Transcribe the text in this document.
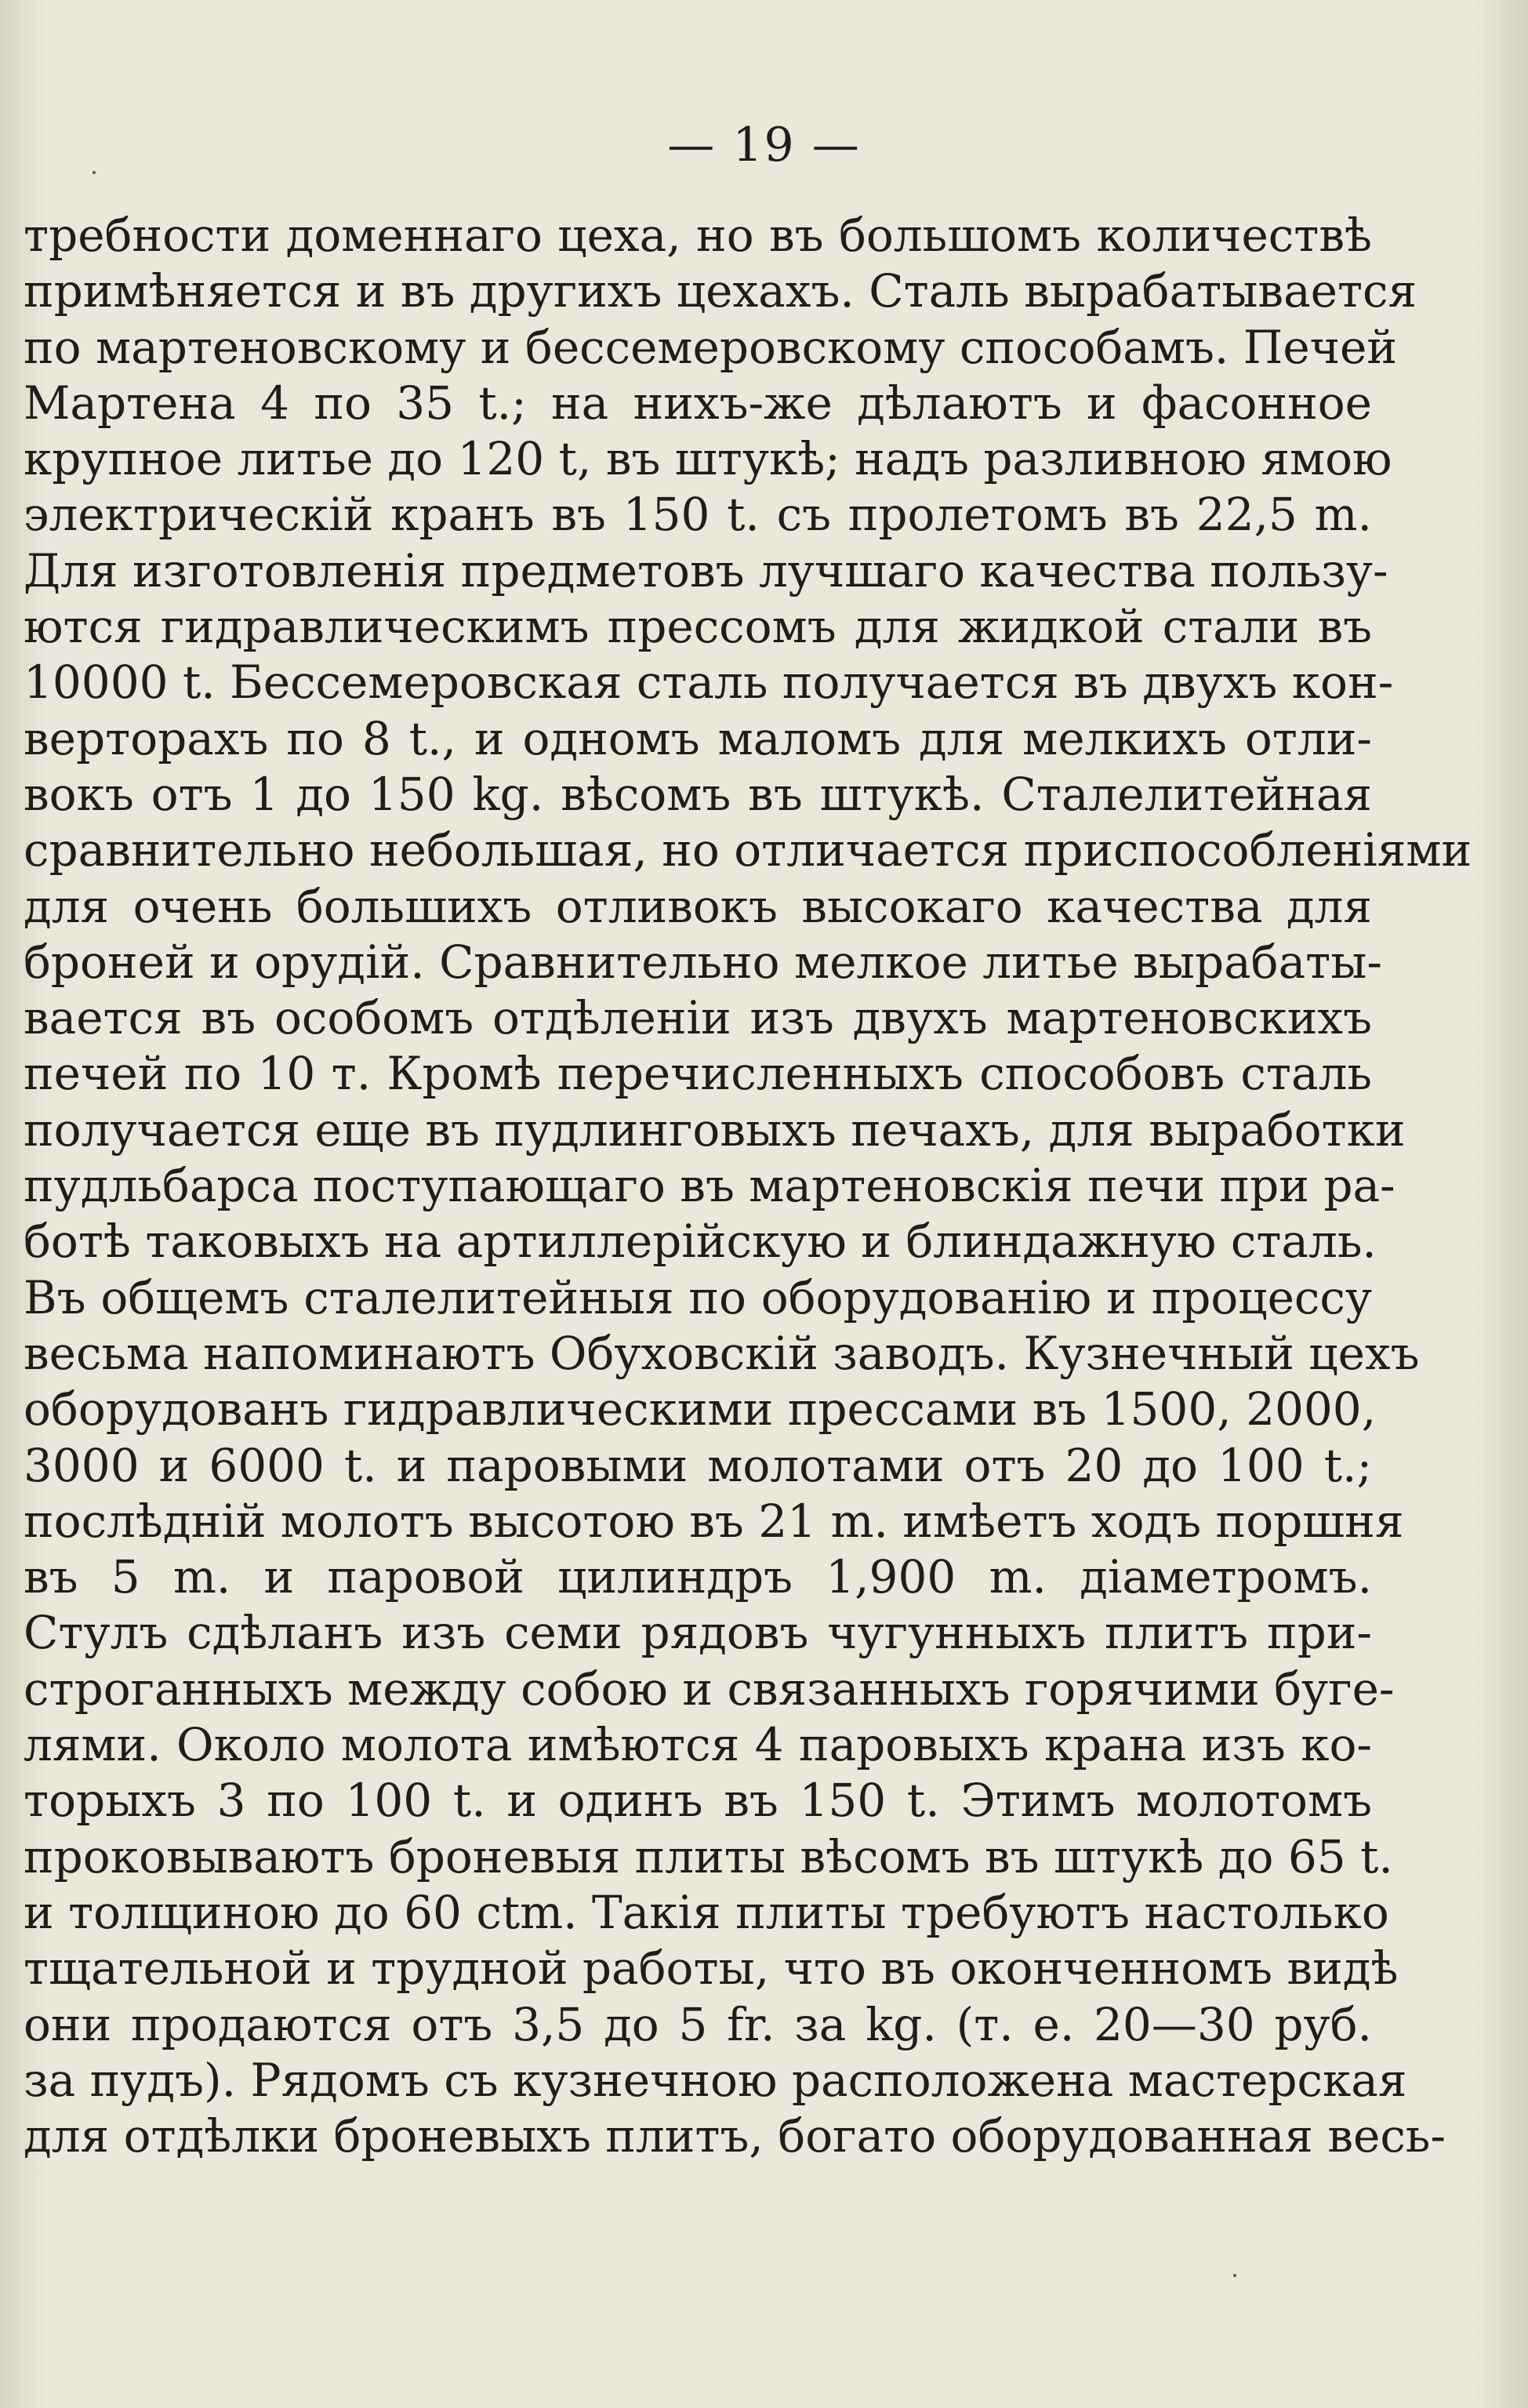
— 19 —
требности доменнаго цеха, но въ большомъ количествѣ
примѣняется и въ другихъ цехахъ. Сталь вырабатывается
по мартеновскому и бессемеровскому способамъ. Печей
Мартена 4 по 35 t.; на нихъ-же дѣлаютъ и фасонное
крупное литье до 120 t, въ штукѣ; надъ разливною ямою
электрическій кранъ въ 150 t. съ пролетомъ въ 22,5 m.
Для изготовленія предметовъ лучшаго качества пользу-
ются гидравлическимъ прессомъ для жидкой стали въ
10000 t. Бессемеровская сталь получается въ двухъ кон-
верторахъ по 8 t., и одномъ маломъ для мелкихъ отли-
вокъ отъ 1 до 150 kg. вѣсомъ въ штукѣ. Сталелитейная
сравнительно небольшая, но отличается приспособленіями
для очень большихъ отливокъ высокаго качества для
броней и орудій. Сравнительно мелкое литье вырабаты-
вается въ особомъ отдѣленіи изъ двухъ мартеновскихъ
печей по 10 т. Кромѣ перечисленныхъ способовъ сталь
получается еще въ пудлинговыхъ печахъ, для выработки
пудльбарса поступающаго въ мартеновскія печи при ра-
ботѣ таковыхъ на артиллерійскую и блиндажную сталь.
Въ общемъ сталелитейныя по оборудованію и процессу
весьма напоминаютъ Обуховскій заводъ. Кузнечный цехъ
оборудованъ гидравлическими прессами въ 1500, 2000,
3000 и 6000 t. и паровыми молотами отъ 20 до 100 t.;
послѣдній молотъ высотою въ 21 m. имѣетъ ходъ поршня
въ 5 m. и паровой цилиндръ 1,900 m. діаметромъ.
Стулъ сдѣланъ изъ семи рядовъ чугунныхъ плитъ при-
строганныхъ между собою и связанныхъ горячими буге-
лями. Около молота имѣются 4 паровыхъ крана изъ ко-
торыхъ 3 по 100 t. и одинъ въ 150 t. Этимъ молотомъ
проковываютъ броневыя плиты вѣсомъ въ штукѣ до 65 t.
и толщиною до 60 ctm. Такія плиты требуютъ настолько
тщательной и трудной работы, что въ оконченномъ видѣ
они продаются отъ 3,5 до 5 fr. за kg. (т. е. 20—30 руб.
за пудъ). Рядомъ съ кузнечною расположена мастерская
для отдѣлки броневыхъ плитъ, богато оборудованная весь-
